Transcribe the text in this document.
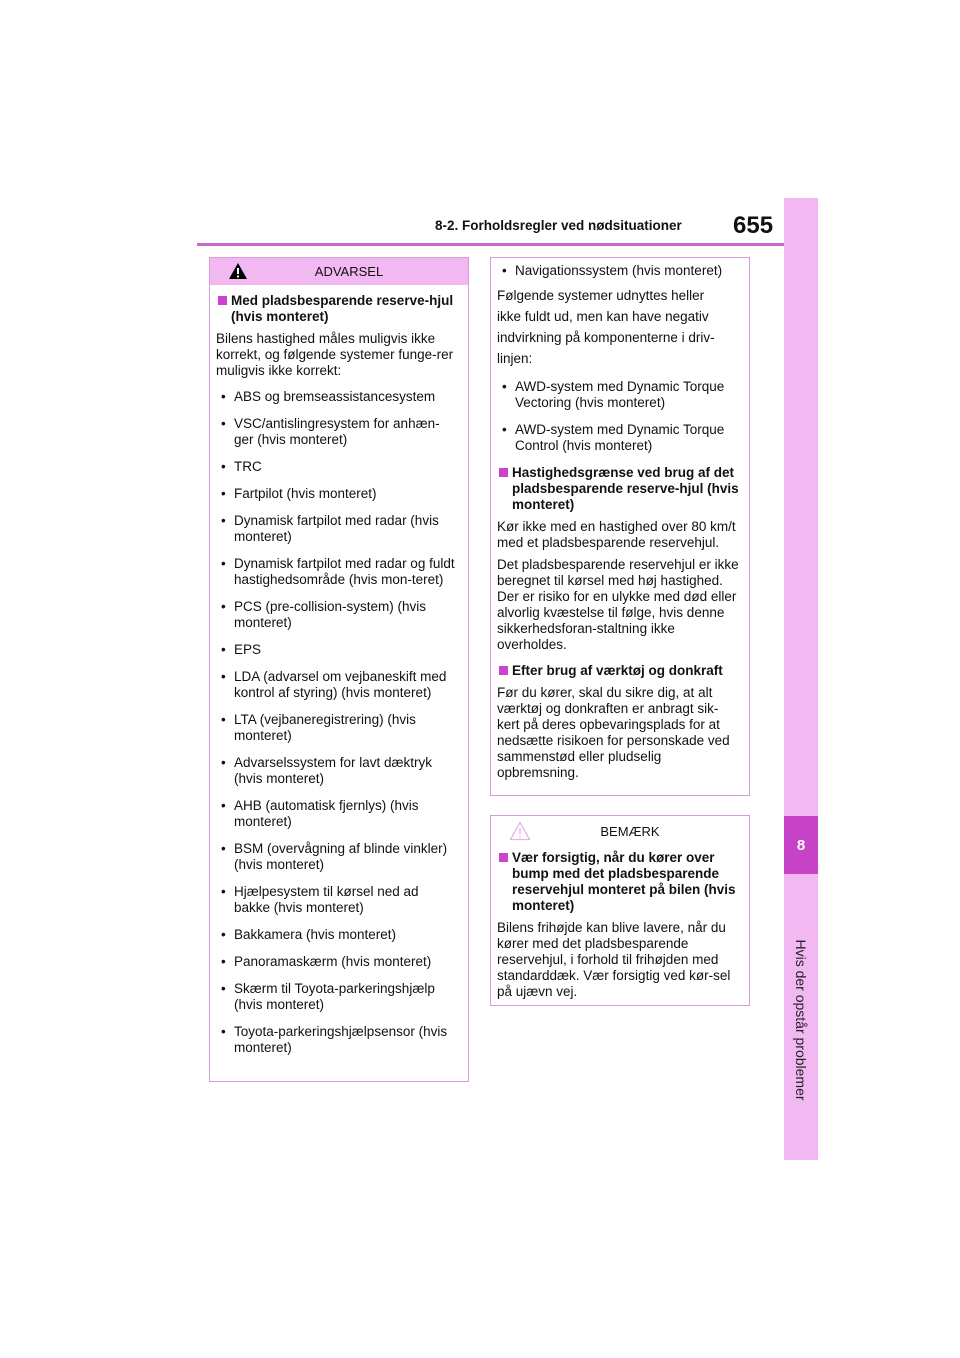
8-2. Forholdsregler ved nødsituationer 655
8
Hvis der opstår problemer
ADVARSEL
Med pladsbesparende reserve-hjul (hvis monteret)
Bilens hastighed måles muligvis ikke korrekt, og følgende systemer funge-rer muligvis ikke korrekt:
• ABS og bremseassistancesystem
• VSC/antislingresystem for anhæn-ger (hvis monteret)
• TRC
• Fartpilot (hvis monteret)
• Dynamisk fartpilot med radar (hvis monteret)
• Dynamisk fartpilot med radar og fuldt hastighedsområde (hvis mon-teret)
• PCS (pre-collision-system) (hvis monteret)
• EPS
• LDA (advarsel om vejbaneskift med kontrol af styring) (hvis monteret)
• LTA (vejbaneregistrering) (hvis monteret)
• Advarselssystem for lavt dæktryk (hvis monteret)
• AHB (automatisk fjernlys) (hvis monteret)
• BSM (overvågning af blinde vinkler) (hvis monteret)
• Hjælpesystem til kørsel ned ad bakke (hvis monteret)
• Bakkamera (hvis monteret)
• Panoramaskærm (hvis monteret)
• Skærm til Toyota-parkeringshjælp (hvis monteret)
• Toyota-parkeringshjælpsensor (hvis monteret)
• Navigationssystem (hvis monteret)
Følgende systemer udnyttes heller
ikke fuldt ud, men kan have negativ
indvirkning på komponenterne i driv-
linjen:
• AWD-system med Dynamic Torque Vectoring (hvis monteret)
• AWD-system med Dynamic Torque Control (hvis monteret)
Hastighedsgrænse ved brug af det pladsbesparende reserve-hjul (hvis monteret)
Kør ikke med en hastighed over 80 km/t med et pladsbesparende reservehjul.
Det pladsbesparende reservehjul er ikke beregnet til kørsel med høj hastighed. Der er risiko for en ulykke med død eller alvorlig kvæstelse til følge, hvis denne sikkerhedsforan-staltning ikke overholdes.
Efter brug af værktøj og donkraft
Før du kører, skal du sikre dig, at alt værktøj og donkraften er anbragt sik-kert på deres opbevaringsplads for at nedsætte risikoen for personskade ved sammenstød eller pludselig opbremsning.
BEMÆRK
Vær forsigtig, når du kører over bump med det pladsbesparende reservehjul monteret på bilen (hvis monteret)
Bilens frihøjde kan blive lavere, når du kører med det pladsbesparende reservehjul, i forhold til frihøjden med standarddæk. Vær forsigtig ved kør-sel på ujævn vej.
